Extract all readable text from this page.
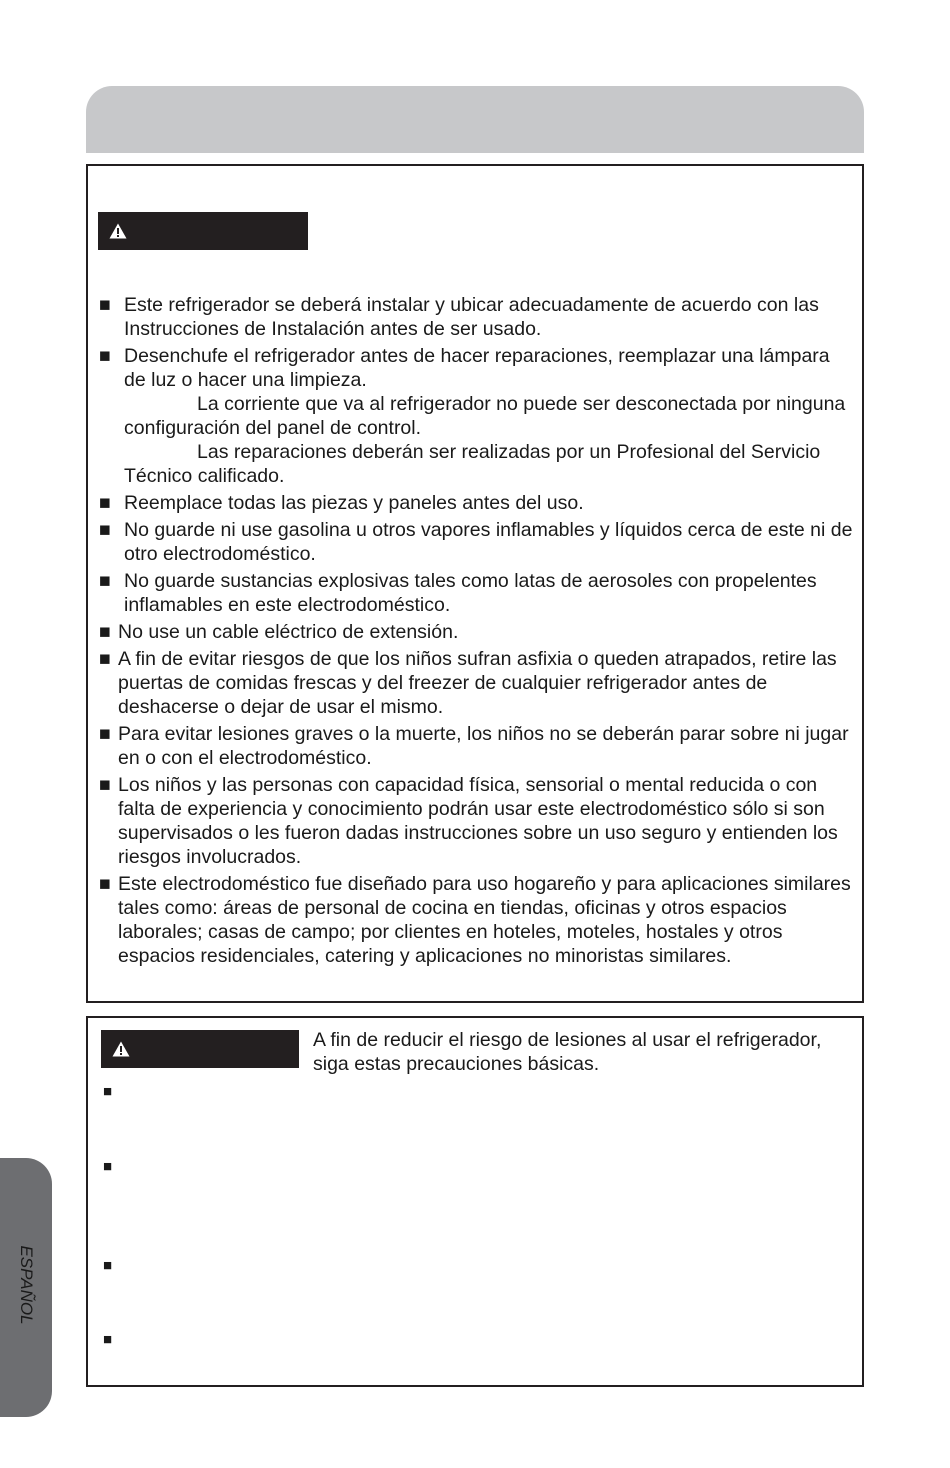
■ Este refrigerador se deberá instalar y ubicar adecuadamente de acuerdo con las Instrucciones de Instalación antes de ser usado.
■ Desenchufe el refrigerador antes de hacer reparaciones, reemplazar una lámpara de luz o hacer una limpieza.
La corriente que va al refrigerador no puede ser desconectada por ninguna configuración del panel de control.
Las reparaciones deberán ser realizadas por un Profesional del Servicio Técnico calificado.
■ Reemplace todas las piezas y paneles antes del uso.
■ No guarde ni use gasolina u otros vapores inflamables y líquidos cerca de este ni de otro electrodoméstico.
■ No guarde sustancias explosivas tales como latas de aerosoles con propelentes inflamables en este electrodoméstico.
■ No use un cable eléctrico de extensión.
■ A fin de evitar riesgos de que los niños sufran asfixia o queden atrapados, retire las puertas de comidas frescas y del freezer de cualquier refrigerador antes de deshacerse o dejar de usar el mismo.
■ Para evitar lesiones graves o la muerte, los niños no se deberán parar sobre ni jugar en o con el electrodoméstico.
■ Los niños y las personas con capacidad física, sensorial o mental reducida o con falta de experiencia y conocimiento podrán usar este electrodoméstico sólo si son supervisados o les fueron dadas instrucciones sobre un uso seguro y entienden los riesgos involucrados.
■ Este electrodoméstico fue diseñado para uso hogareño y para aplicaciones similares tales como: áreas de personal de cocina en tiendas, oficinas y otros espacios laborales; casas de campo; por clientes en hoteles, moteles, hostales y otros espacios residenciales, catering y aplicaciones no minoristas similares.
A fin de reducir el riesgo de lesiones al usar el refrigerador, siga estas precauciones básicas.
■
■
■
■
ESPAÑOL
